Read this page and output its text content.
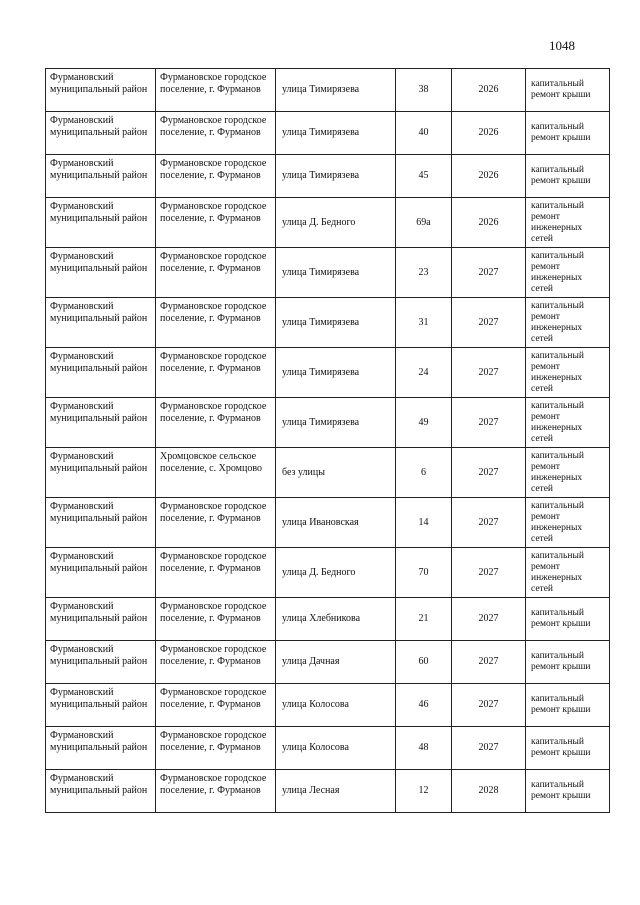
1048
Фурмановский муниципальный район	Фурмановское городское поселение, г. Фурманов	улица Тимирязева	38	2026	капитальный ремонт крыши
Фурмановский муниципальный район	Фурмановское городское поселение, г. Фурманов	улица Тимирязева	40	2026	капитальный ремонт крыши
Фурмановский муниципальный район	Фурмановское городское поселение, г. Фурманов	улица Тимирязева	45	2026	капитальный ремонт крыши
Фурмановский муниципальный район	Фурмановское городское поселение, г. Фурманов	улица Д. Бедного	69а	2026	капитальный ремонт инженерных сетей
Фурмановский муниципальный район	Фурмановское городское поселение, г. Фурманов	улица Тимирязева	23	2027	капитальный ремонт инженерных сетей
Фурмановский муниципальный район	Фурмановское городское поселение, г. Фурманов	улица Тимирязева	31	2027	капитальный ремонт инженерных сетей
Фурмановский муниципальный район	Фурмановское городское поселение, г. Фурманов	улица Тимирязева	24	2027	капитальный ремонт инженерных сетей
Фурмановский муниципальный район	Фурмановское городское поселение, г. Фурманов	улица Тимирязева	49	2027	капитальный ремонт инженерных сетей
Фурмановский муниципальный район	Хромцовское сельское поселение, с. Хромцово	без улицы	6	2027	капитальный ремонт инженерных сетей
Фурмановский муниципальный район	Фурмановское городское поселение, г. Фурманов	улица Ивановская	14	2027	капитальный ремонт инженерных сетей
Фурмановский муниципальный район	Фурмановское городское поселение, г. Фурманов	улица Д. Бедного	70	2027	капитальный ремонт инженерных сетей
Фурмановский муниципальный район	Фурмановское городское поселение, г. Фурманов	улица Хлебникова	21	2027	капитальный ремонт крыши
Фурмановский муниципальный район	Фурмановское городское поселение, г. Фурманов	улица Дачная	60	2027	капитальный ремонт крыши
Фурмановский муниципальный район	Фурмановское городское поселение, г. Фурманов	улица Колосова	46	2027	капитальный ремонт крыши
Фурмановский муниципальный район	Фурмановское городское поселение, г. Фурманов	улица Колосова	48	2027	капитальный ремонт крыши
Фурмановский муниципальный район	Фурмановское городское поселение, г. Фурманов	улица Лесная	12	2028	капитальный ремонт крыши
